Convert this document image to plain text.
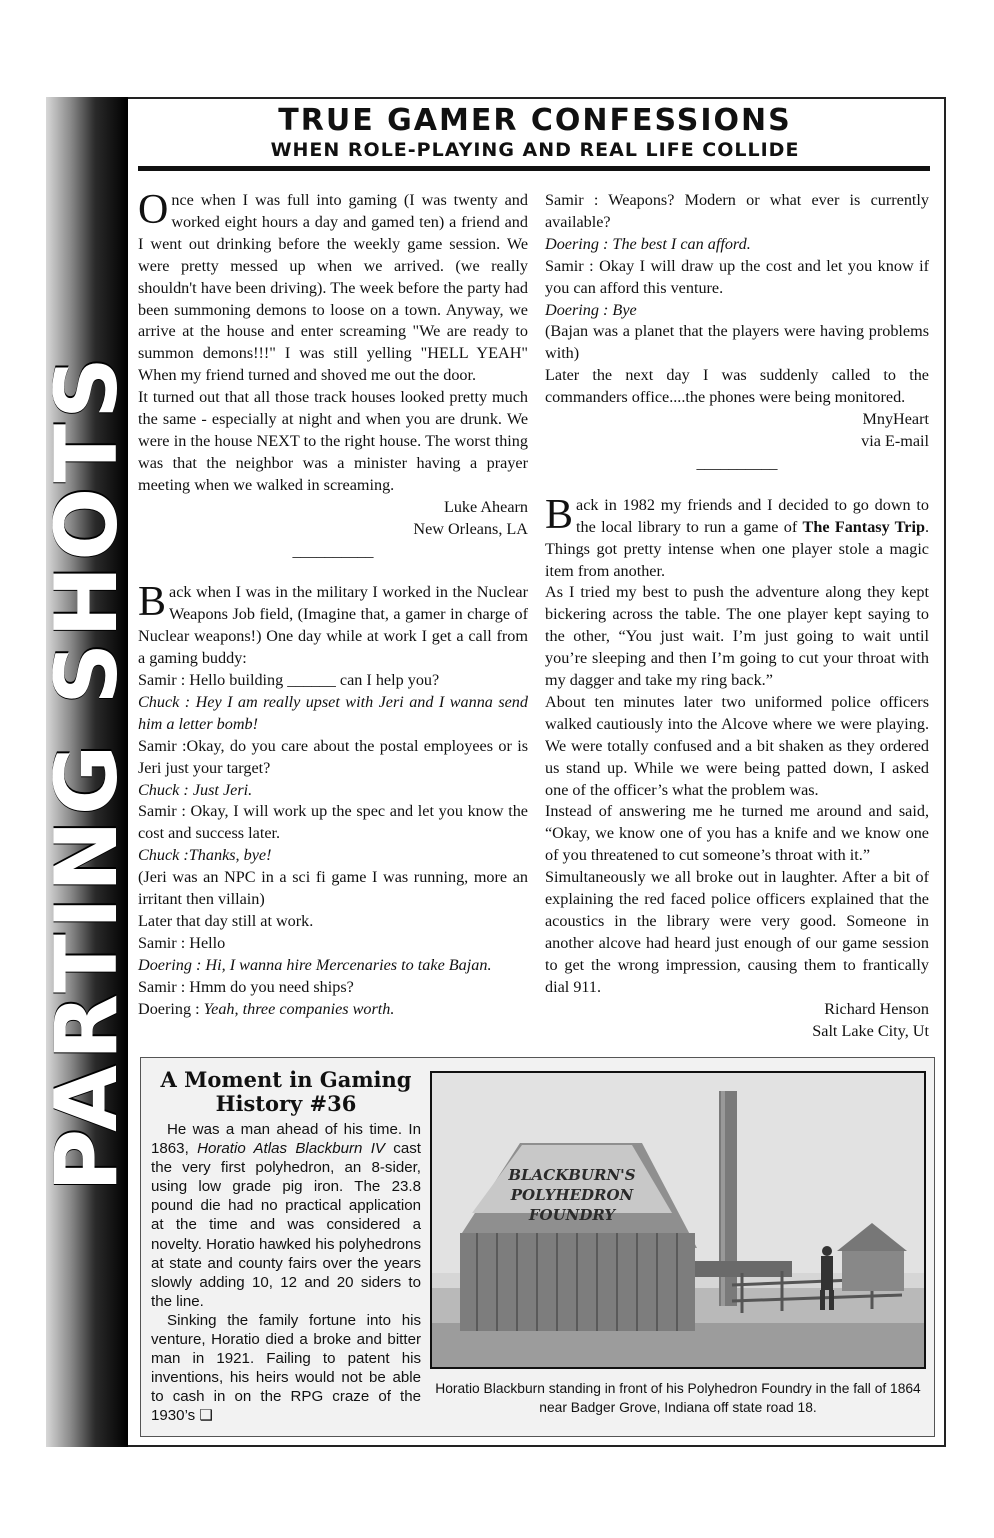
PARTING SHOTS
TRUE GAMER CONFESSIONS
WHEN ROLE-PLAYING AND REAL LIFE COLLIDE

Once when I was full into gaming (I was twenty and worked eight hours a day and gamed ten) a friend and I went out drinking before the weekly game session. We were pretty messed up when we arrived. (we really shouldn't have been driving). The week before the party had been summoning demons to loose on a town. Anyway, we arrive at the house and enter screaming "We are ready to summon demons!!!" I was still yelling "HELL YEAH" When my friend turned and shoved me out the door.

It turned out that all those track houses looked pretty much the same - especially at night and when you are drunk. We were in the house NEXT to the right house. The worst thing was that the neighbor was a minister having a prayer meeting when we walked in screaming.

Luke Ahearn

New Orleans, LA

__________

Back when I was in the military I worked in the Nuclear Weapons Job field, (Imagine that, a gamer in charge of Nuclear weapons!) One day while at work I get a call from a gaming buddy:

Samir : Hello building ______ can I help you?

Chuck : Hey I am really upset with Jeri and I wanna send him a letter bomb!

Samir :Okay, do you care about the postal employees or is Jeri just your target?

Chuck : Just Jeri.

Samir : Okay, I will work up the spec and let you know the cost and success later.

Chuck :Thanks, bye!

(Jeri was an NPC in a sci fi game I was running, more an irritant then villain)

Later that day still at work.

Samir : Hello

Doering : Hi, I wanna hire Mercenaries to take Bajan.

Samir : Hmm do you need ships?

Doering : Yeah, three companies worth.

Samir : Weapons? Modern or what ever is currently available?

Doering : The best I can afford.

Samir : Okay I will draw up the cost and let you know if you can afford this venture.

Doering : Bye

(Bajan was a planet that the players were having problems with)

Later the next day I was suddenly called to the commanders office....the phones were being monitored.

MnyHeart

via E-mail

__________

Back in 1982 my friends and I decided to go down to the local library to run a game of The Fantasy Trip. Things got pretty intense when one player stole a magic item from another.

As I tried my best to push the adventure along they kept bickering across the table. The one player kept saying to the other, “You just wait. I’m just going to wait until you’re sleeping and then I’m going to cut your throat with my dagger and take my ring back.”

About ten minutes later two uniformed police officers walked cautiously into the Alcove where we were playing. We were totally confused and a bit shaken as they ordered us stand up. While we were being patted down, I asked one of the officer’s what the problem was.

Instead of answering me he turned me around and said, “Okay, we know one of you has a knife and we know one of you threatened to cut someone’s throat with it.”

Simultaneously we all broke out in laughter. After a bit of explaining the red faced police officers explained that the acoustics in the library were very good. Someone in another alcove had heard just enough of our game session to get the wrong impression, causing them to frantically dial 911.

Richard Henson

Salt Lake City, Ut

A Moment in Gaming History #36

He was a man ahead of his time. In 1863, Horatio Atlas Blackburn IV cast the very first polyhedron, an 8-sider, using low grade pig iron. The 23.8 pound die had no practical application at the time and was considered a novelty. Horatio hawked his polyhedrons at state and county fairs over the years slowly adding 10, 12 and 20 siders to the line.

Sinking the family fortune into his venture, Horatio died a broke and bitter man in 1921. Failing to patent his inventions, his heirs would not be able to cash in on the RPG craze of the 1930’s ❑

BLACKBURN'S
POLYHEDRON
FOUNDRY
Horatio Blackburn standing in front of his Polyhedron Foundry in the fall of 1864 near Badger Grove, Indiana off state road 18.
